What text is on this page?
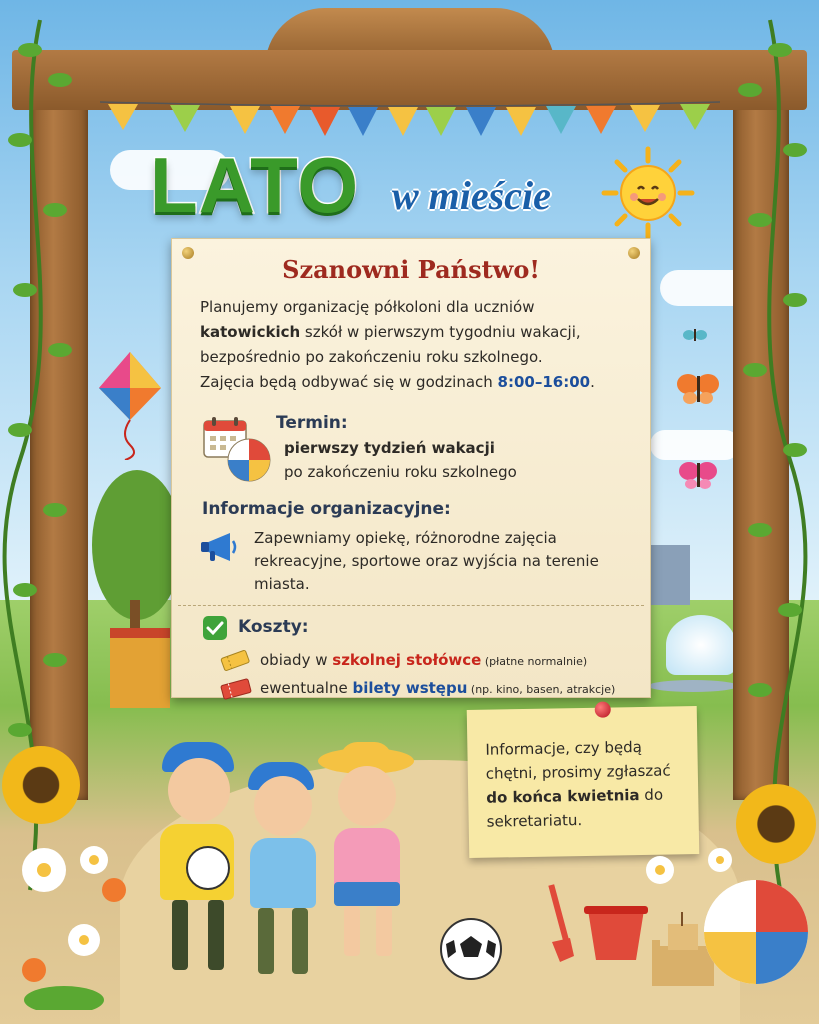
LATO w mieście
Szanowni Państwo!
Planujemy organizację półkoloni dla uczniów
katowickich szkół w pierwszym tygodniu wakacji,
bezpośrednio po zakończeniu roku szkolnego.
Zajęcia będą odbywać się w godzinach 8:00–16:00.
Termin:
pierwszy tydzień wakacji
po zakończeniu roku szkolnego
Informacje organizacyjne:
Zapewniamy opiekę, różnorodne zajęcia rekreacyjne, sportowe oraz wyjścia na terenie miasta.
Koszty:
obiady w szkolnej stołówce (płatne normalnie)
ewentualne bilety wstępu (np. kino, basen, atrakcje)
Informacje, czy będą chętni, prosimy zgłaszać do końca kwietnia do sekretariatu.
